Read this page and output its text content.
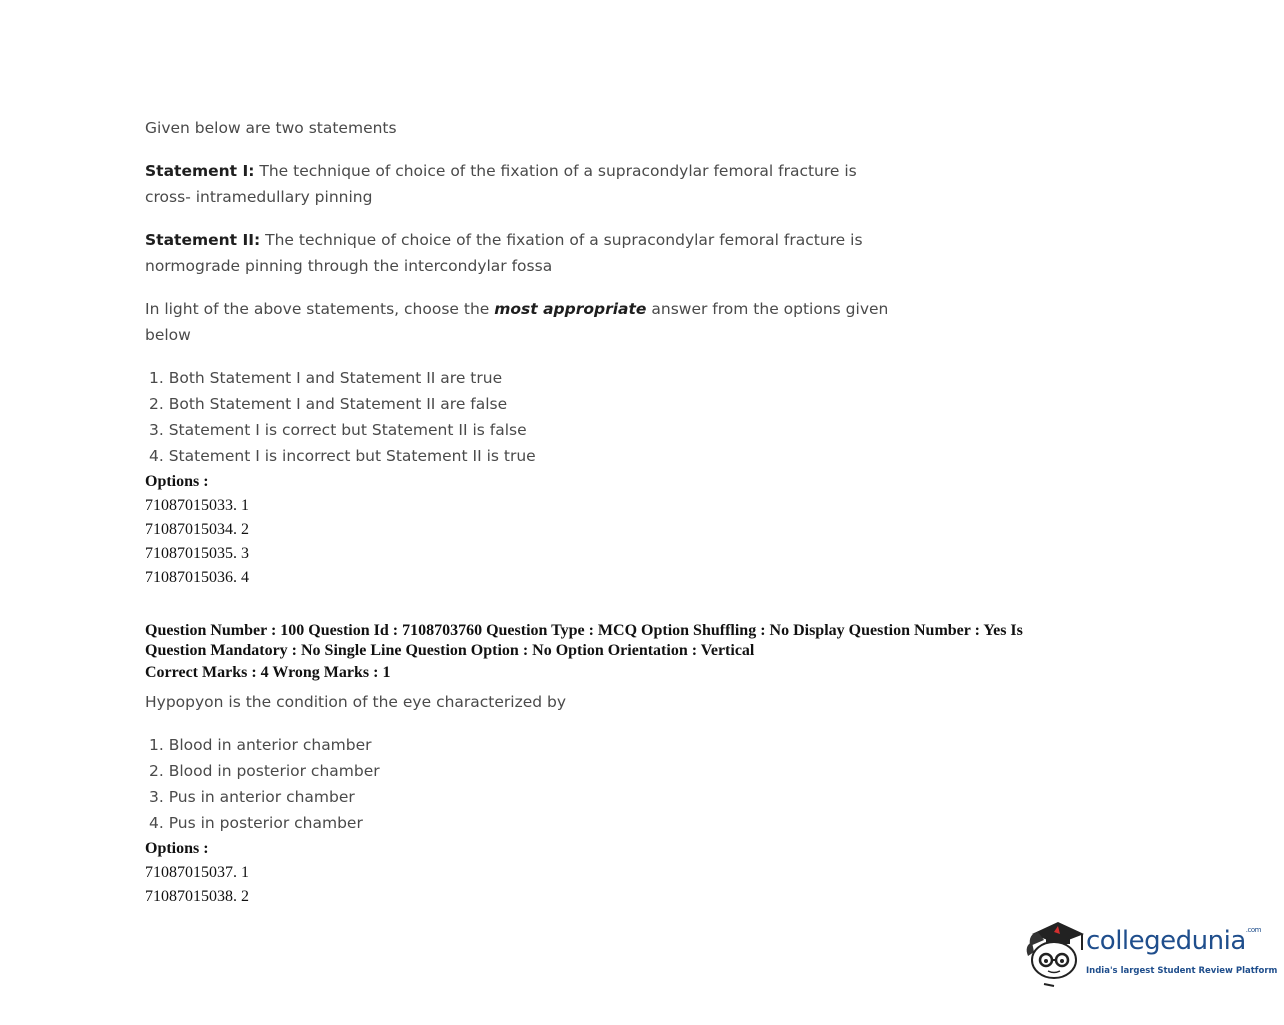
Given below are two statements

Statement I: The technique of choice of the fixation of a supracondylar femoral fracture is

cross- intramedullary pinning

Statement II: The technique of choice of the fixation of a supracondylar femoral fracture is

normograde pinning through the intercondylar fossa

In light of the above statements, choose the most appropriate answer from the options given

below

1. Both Statement I and Statement II are true
2. Both Statement I and Statement II are false
3. Statement I is correct but Statement II is false
4. Statement I is incorrect but Statement II is true
Options :
71087015033. 1
71087015034. 2
71087015035. 3
71087015036. 4
Question Number : 100 Question Id : 7108703760 Question Type : MCQ Option Shuffling : No Display Question Number : Yes Is
Question Mandatory : No Single Line Question Option : No Option Orientation : Vertical
Correct Marks : 4 Wrong Marks : 1

Hypopyon is the condition of the eye characterized by

1. Blood in anterior chamber
2. Blood in posterior chamber
3. Pus in anterior chamber
4. Pus in posterior chamber
Options :
71087015037. 1
71087015038. 2
collegedunia$^{.com}$
India's largest Student Review Platform
